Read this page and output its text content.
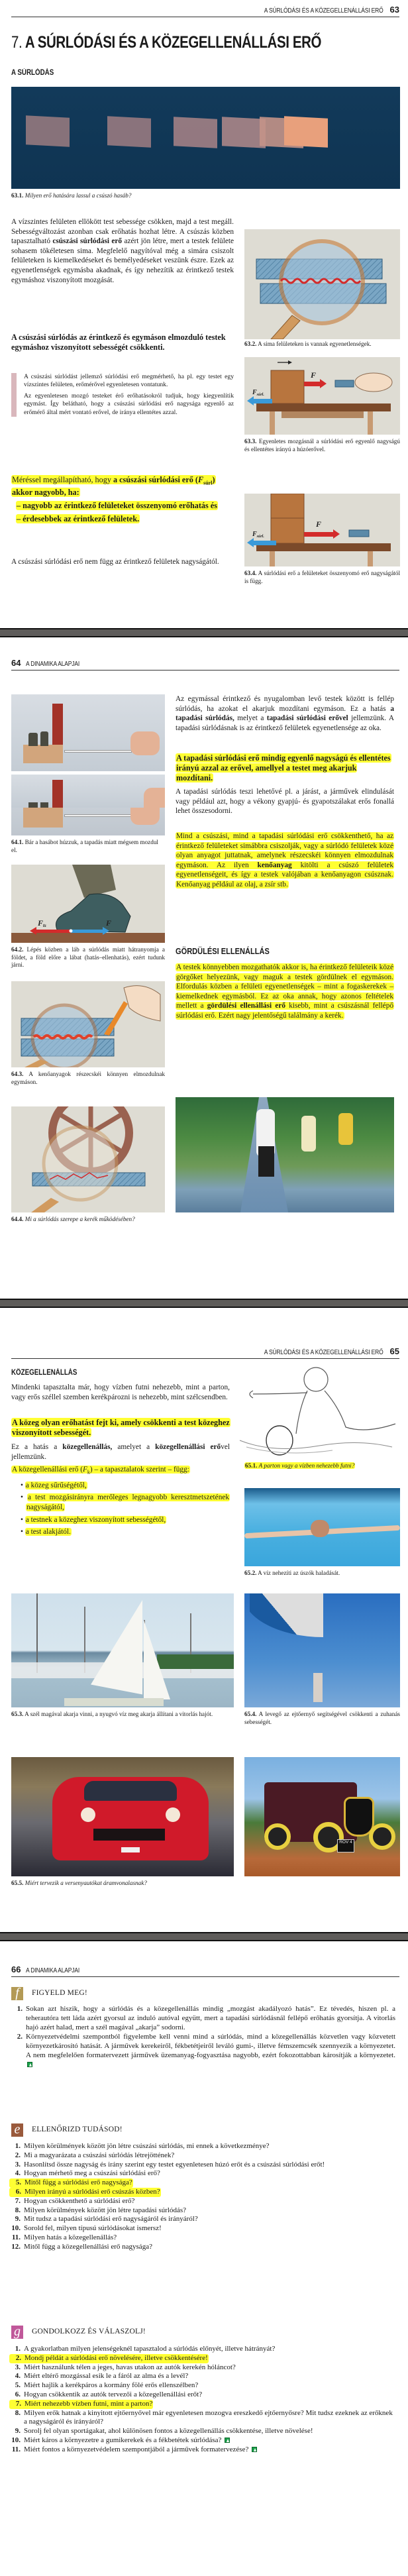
A SÚRLÓDÁSI ÉS A KÖZEGELLENÁLLÁSI ERŐ 63
7. A SÚRLÓDÁSI ÉS A KÖZEGELLENÁLLÁSI ERŐ
A SÚRLÓDÁS
63.1. Milyen erő hatására lassul a csúszó hasáb?
A vízszintes felületen ellökött test sebessége csökken, majd a test megáll. Sebességváltozást azonban csak erőhatás hozhat létre. A csúszás közben tapasztalható csúszási súrlódási erő azért jön létre, mert a testek felülete sohasem tökéletesen sima. Megfelelő nagyítóval még a simára csiszolt felületeken is kiemelkedéseket és bemélyedéseket veszünk észre. Ezek az egyenetlenségek egymásba akadnak, és így nehezítik az érintkező testek egymáshoz viszonyított mozgását.
A csúszási súrlódás az érintkező és egymáson elmozduló testek egymáshoz viszonyított sebességét csökkenti.

A csúszási súrlódást jellemző súrlódási erő megmérhető, ha pl. egy testet egy vízszintes felületen, erőmérővel egyenletesen vontatunk.

Az egyenletesen mozgó testeket érő erőhatásokról tudjuk, hogy kiegyenlítik egymást. Így belátható, hogy a csúszási súrlódási erő nagysága egyenlő az erőmérő által mért vontató erővel, de iránya ellentétes azzal.

Méréssel megállapítható, hogy a csúszási súrlódási erő $(F_{súrl})$ akkor nagyobb, ha:
– nagyobb az érintkező felületeket összenyomó erőhatás és
– érdesebbek az érintkező felületek.
A csúszási súrlódási erő nem függ az érintkező felületek nagyságától.
63.2. A sima felületeken is vannak egyenetlenségek.
F
$F_{súrl.}$
63.3. Egyenletes mozgásnál a súrlódási erő egyenlő nagyságú és ellentétes irányú a húzóerővel.
F
$F_{súrl.}$
63.4. A súrlódási erő a felületeket összenyomó erő nagyságától is függ.
64 A DINAMIKA ALAPJAI
64.1. Bár a hasábot húzzuk, a tapadás miatt mégsem mozdul el.
Fts	F
64.2. Lépés közben a láb a súrlódás miatt hátranyomja a földet, a föld előre a lábat (hatás–ellenhatás), ezért tudunk járni.
64.3. A kenőanyagok részecskéi könnyen elmozdulnak egymáson.
64.4. Mi a súrlódás szerepe a kerék működésében?
Az egymással érintkező és nyugalomban levő testek között is fellép súrlódás, ha azokat el akarjuk mozdítani egymáson. Ez a hatás a tapadási súrlódás, melyet a tapadási súrlódási erővel jellemzünk. A tapadási súrlódásnak is az érintkező felületek egyenetlensége az oka.
A tapadási súrlódási erő mindig egyenlő nagyságú és ellentétes irányú azzal az erővel, amellyel a testet meg akarjuk mozdítani.
A tapadási súrlódás teszi lehetővé pl. a járást, a járművek elindulását vagy például azt, hogy a vékony gyapjú- és gyapotszálakat erős fonallá lehet összesodorni.
Mind a csúszási, mind a tapadási súrlódási erő csökkenthető, ha az érintkező felületeket simábbra csiszolják, vagy a súrlódó felületek közé olyan anyagot juttatnak, amelynek részecskéi könnyen elmozdulnak egymáson. Az ilyen kenőanyag kitölti a csúszó felületek egyenetlenségeit, és így a testek valójában a kenőanyagon csúsznak. Kenőanyag például az olaj, a zsír stb.
GÖRDÜLÉSI ELLENÁLLÁS
A testek könnyebben mozgathatók akkor is, ha érintkező felületeik közé görgőket helyezünk, vagy maguk a testek gördülnek el egymáson. Elfordulás közben a felületi egyenetlenségek – mint a fogaskerekek – kiemelkednek egymásból. Ez az oka annak, hogy azonos feltételek mellett a gördülési ellenállási erő kisebb, mint a csúszásnál fellépő súrlódási erő. Ezért nagy jelentőségű találmány a kerék.
A SÚRLÓDÁSI ÉS A KÖZEGELLENÁLLÁSI ERŐ 65
KÖZEGELLENÁLLÁS
Mindenki tapasztalta már, hogy vízben futni nehezebb, mint a parton, vagy erős széllel szemben kerékpározni is nehezebb, mint szélcsendben.
A közeg olyan erőhatást fejt ki, amely csökkenti a test közeghez viszonyított sebességét.
Ez a hatás a közegellenállás, amelyet a közegellenállási erővel jellemzünk.
A közegellenállási erő $(F_k)$ – a tapasztalatok szerint – függ:
• a közeg sűrűségétől,
• a test mozgásirányra merőleges legnagyobb keresztmetszetének nagyságától,
• a testnek a közeghez viszonyított sebességétől,
• a test alakjától.
65.1. A parton vagy a vízben nehezebb futni?
65.2. A víz nehezíti az úszók haladását.
65.3. A szél magával akarja vinni, a nyugvó víz meg akarja állítani a vitorlás hajót.	65.4. A levegő az ejtőernyő segítségével csökkenti a zuhanás sebességét.
ROV 4
65.5. Miért tervezik a versenyautókat áramvonalasnak?
66 A DINAMIKA ALAPJAI
f	FIGYELD MEG!
1. Sokan azt hiszik, hogy a súrlódás és a közegellenállás mindig „mozgást akadályozó hatás”. Ez tévedés, hiszen pl. a teherautóra tett láda azért gyorsul az induló autóval együtt, mert a tapadási súrlódásnál fellépő erőhatás gyorsítja. A vitorlás hajó azért halad, mert a szél magával „akarja” sodorni.
2. Környezetvédelmi szempontból figyelembe kell venni mind a súrlódás, mind a közegellenállás közvetlen vagy közvetett környezetkárosító hatását. A járművek kerekeiről, fékbetétjeiről leváló gumi-, illetve fémszemcsék szennyezik a környezetet. A nem megfelelően formatervezett járművek üzemanyag-fogyasztása nagyobb, ezért fokozottabban károsítják a környezetet.
e	ELLENŐRIZD TUDÁSOD!
1. Milyen körülmények között jön létre csúszási súrlódás, mi ennek a következménye?
2. Mi a magyarázata a csúszási súrlódás létrejöttének?
3. Hasonlítsd össze nagyság és irány szerint egy testet egyenletesen húzó erőt és a csúszási súrlódási erőt!
4. Hogyan mérhető meg a csúszási súrlódási erő?
5. Mitől függ a súrlódási erő nagysága?
6. Milyen irányú a súrlódási erő csúszás közben?
7. Hogyan csökkenthető a súrlódási erő?
8. Milyen körülmények között jön létre tapadási súrlódás?
9. Mit tudsz a tapadási súrlódási erő nagyságáról és irányáról?
10. Sorold fel, milyen típusú súrlódásokat ismersz!
11. Milyen hatás a közegellenállás?
12. Mitől függ a közegellenállási erő nagysága?
g	GONDOLKOZZ ÉS VÁLASZOLJ!
1. A gyakorlatban milyen jelenségeknél tapasztalod a súrlódás előnyét, illetve hátrányát?
2. Mondj példát a súrlódási erő növelésére, illetve csökkentésére!
3. Miért használunk télen a jeges, havas utakon az autók kerekén hóláncot?
4. Miért eltérő mozgással esik le a fáról az alma és a levél?
5. Miért hajlik a kerékpáros a kormány fölé erős ellenszélben?
6. Hogyan csökkentik az autók tervezői a közegellenállási erőt?
7. Miért nehezebb vízben futni, mint a parton?
8. Milyen erők hatnak a kinyitott ejtőernyővel már egyenletesen mozogva ereszkedő ejtőernyősre? Mit tudsz ezeknek az erőknek a nagyságáról és irányáról?
9. Sorolj fel olyan sportágakat, ahol különösen fontos a közegellenállás csökkentése, illetve növelése!
10. Miért káros a környezetre a gumikerekek és a fékbetétek súrlódása?
11. Miért fontos a környezetvédelem szempontjából a járművek formatervezése?
